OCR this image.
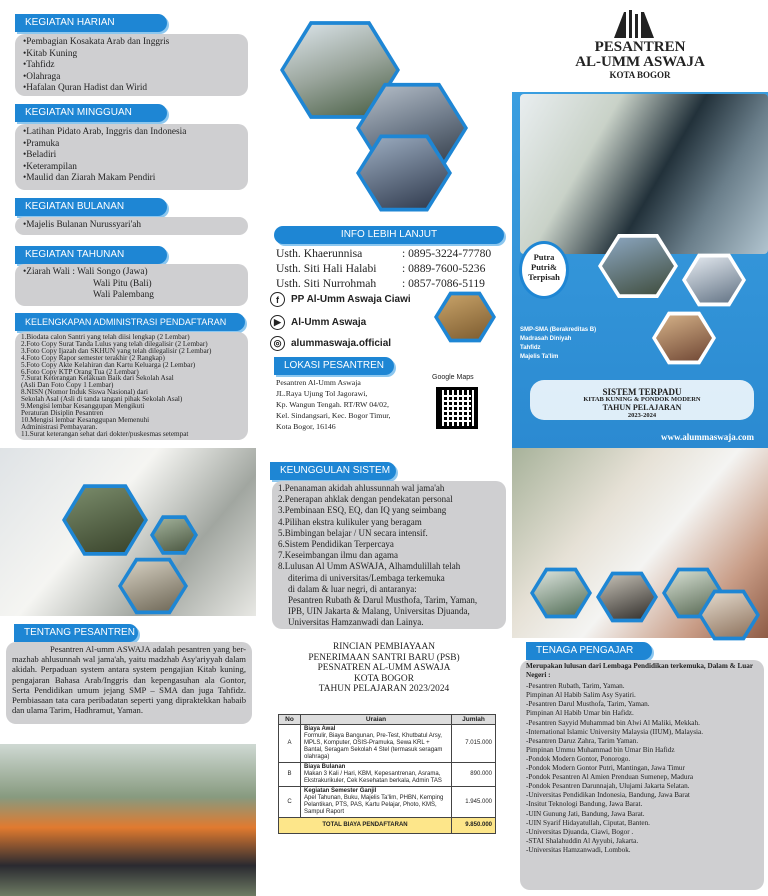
KEGIATAN HARIAN
•Pembagian Kosakata Arab dan Inggris
•Kitab Kuning
•Tahfidz
•Olahraga
•Hafalan Quran Hadist dan Wirid
KEGIATAN MINGGUAN
•Latihan Pidato Arab, Inggris dan Indonesia
•Pramuka
•Beladiri
•Keterampilan
•Maulid dan Ziarah Makam Pendiri
KEGIATAN BULANAN
•Majelis Bulanan Nurussyari'ah
KEGIATAN TAHUNAN
•Ziarah Wali : Wali Songo (Jawa)
Wali Pitu (Bali)
Wali Palembang
KELENGKAPAN ADMINISTRASI PENDAFTARAN
1.Biodata calon Santri yang telah diisi lengkap (2 Lembar)
2.Foto Copy Surat Tanda Lulus yang telah dilegalisir (2 Lembar)
3.Foto Copy Ijazah dan SKHUN yang telah dilegalisir (2 Lembar)
4.Foto Copy Rapor semester terakhir (2 Rangkap)
5.Foto Copy Akte Kelahiran dan Kartu Keluarga (2 Lembar)
6.Foto Copy KTP Orang Tua (2 Lembar)
7.Surat Keterangan Kelakuan Baik dari Sekolah Asal
(Asli Dan Foto Copy 1 Lembar)
8.NISN (Nomor Induk Siswa Nasional) dari
Sekolah Asal (Asli di tanda tangani pihak Sekolah Asal)
9.Mengisi lembar Kesanggupan Mengikuti
Peraturan Disiplin Pesantren
10.Mengisi lembar Kesanggupan Memenuhi
Administrasi Pembayaran.
11.Surat keterangan sehat dari dokter/puskesmas setempat
INFO LEBIH LANJUT
Usth. Khaerunnisa	: 0895-3224-77780
Usth. Siti Hali Halabi	: 0889-7600-5236
Usth. Siti Nurrohmah	: 0857-7086-5119
f	PP Al-Umm Aswaja Ciawi
▶	Al-Umm Aswaja
◎ alummaswaja.official
LOKASI PESANTREN
Pesantren Al-Umm Aswaja
JL.Raya Ujung Tol Jagorawi,
Kp. Wangun Tengah. RT/RW 04/02,
Kel. Sindangsari, Kec. Bogor Timur,
Kota Bogor, 16146
Google Maps
PESANTREN
AL-UMM ASWAJA
KOTA BOGOR
Putra
Putri&
Terpisah
SMP-SMA (Berakreditas B)
Madrasah Diniyah
Tahfidz
Majelis Ta'lim
SISTEM TERPADU
KITAB KUNING & PONDOK MODERN
TAHUN PELAJARAN
2023-2024
www.alummaswaja.com
TENTANG PESANTREN
Pesantren Al-umm ASWAJA adalah pesantren yang ber-mazhab ahlusunnah wal jama'ah, yaitu madzhab Asy'ariyyah dalam akidah. Perpaduan system antara system pengajian Kitab kuning, pengajaran Bahasa Arab/Inggris dan kepengasuhan ala Gontor, Serta Pendidikan umum jejang SMP – SMA dan juga Tahfidz. Pembiasaan tata cara peribadatan seperti yang dipraktekkan habaib dan ulama Tarim, Hadhramut, Yaman.
KEUNGGULAN SISTEM
1.Penanaman akidah ahlussunnah wal jama'ah
2.Penerapan ahklak dengan pendekatan personal
3.Pembinaan ESQ, EQ, dan IQ yang seimbang
4.Pilihan ekstra kulikuler yang beragam
5.Bimbingan belajar / UN secara intensif.
6.Sistem Pendidikan Terpercaya
7.Keseimbangan ilmu dan agama
8.Lulusan Al Umm ASWAJA, Alhamdulillah telah
diterima di universitas/Lembaga terkemuka
di dalam & luar negri, di antaranya:
Pesantren Rubath & Darul Musthofa, Tarim, Yaman,
IPB, UIN Jakarta & Malang, Universitas Djuanda,
Universitas Hamzanwadi dan Lainya.
RINCIAN PEMBIAYAAN
PENERIMAAN SANTRI BARU (PSB)
PESNATREN AL-UMM ASWAJA
KOTA BOGOR
TAHUN PELAJARAN 2023/2024
No	Uraian	Jumlah
A	Biaya Awal
Formulir, Biaya Bangunan, Pre-Test, Khutbatul Arsy, MPLS, Komputer, OSIS-Pramuka, Sewa KRL + Bantal, Seragam Sekolah 4 Stel (termasuk seragam olahraga)	7.015.000
B	Biaya Bulanan
Makan 3 Kali / Hari, KBM, Kepesantrenan, Asrama, Ekstrakurikuler, Cek Kesehatan berkala, Admin TAS	890.000
C	Kegiatan Semester Ganjil
Apel Tahunan, Buku, Majelis Ta'lim, PHBN, Kemping Pelantikan, PTS, PAS, Kartu Pelajar, Photo, KMS, Sampul Raport	1.945.000
TOTAL BIAYA PENDAFTARAN		9.850.000
TENAGA PENGAJAR
Merupakan lulusan dari Lembaga Pendidikan terkemuka, Dalam & Luar Negeri :
-Pesantren Rubath, Tarim, Yaman.
Pimpinan Al Habib Salim Asy Syatiri.
-Pesantren Darul Musthofa, Tarim, Yaman.
Pimpinan Al Habib Umar bin Hafidz.
-Pesantren Sayyid Muhammad bin Alwi Al Maliki, Mekkah.
-International Islamic University Malaysia (IIUM), Malaysia.
-Pesantren Daruz Zahra, Tarim Yaman.
Pimpinan Ummu Muhammad bin Umar Bin Hafidz
-Pondok Modern Gontor, Ponorogo.
-Pondok Modern Gontor Putri, Mantingan, Jawa Timur
-Pondok Pesantren Al Amien Prenduan Sumenep, Madura
-Pondok Pesantren Darunnajah, Ulujami Jakarta Selatan.
-Universitas Pendidikan Indonesia, Bandung, Jawa Barat
-Insitut Teknologi Bandung, Jawa Barat.
-UIN Gunung Jati, Bandung, Jawa Barat.
-UIN Syarif Hidayatullah, Ciputat, Banten.
-Universitas Djuanda, Ciawi, Bogor .
-STAI Shalahuddin Al Ayyubi, Jakarta.
-Universitas Hamzanwadi, Lombok.
